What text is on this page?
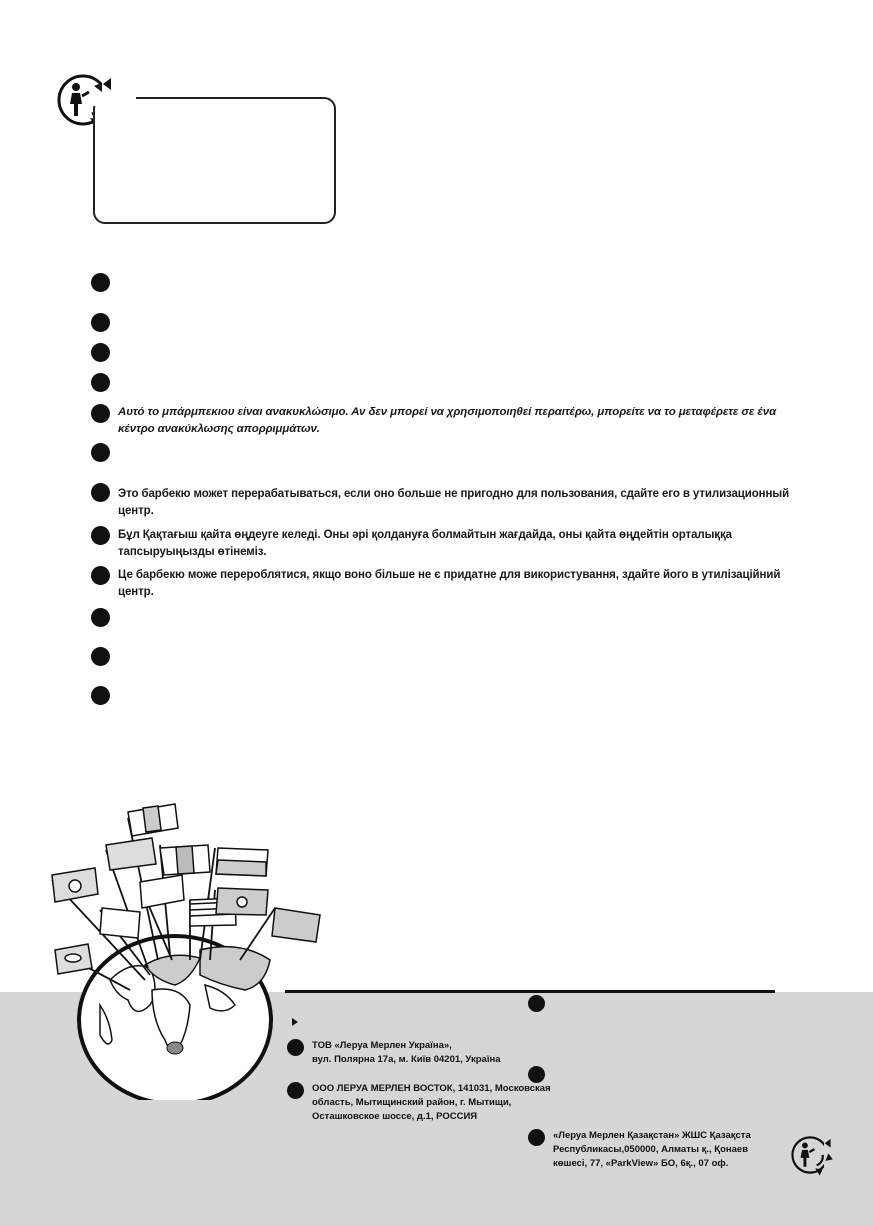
Αυτό το μπάρμπεκιου είναι ανακυκλώσιμο. Αν δεν μπορεί να χρησιμοποιηθεί περαιτέρω, μπορείτε να το μεταφέρετε σε ένα κέντρο ανακύκλωσης απορριμμάτων.
Это барбекю может перерабатываться, если оно больше не пригодно для пользования, сдайте его в утилизационный центр.
Бұл Қақтағыш қайта өңдеуге келеді. Оны әрі қолдануға болмайтын жағдайда, оны қайта өңдейтін орталыққа тапсыруыңызды өтінеміз.
Це барбекю може перероблятися, якщо воно більше не є придатне для використування, здайте його в утилізаційний центр.
ТОВ «Леруа Мерлен Україна»,
вул. Полярна 17а, м. Київ 04201, Україна
ООО ЛЕРУА МЕРЛЕН ВОСТОК, 141031, Московская
область, Мытищинский район, г. Мытищи,
Осташковское шоссе, д.1, РОССИЯ
«Леруа Мерлен Қазақстан» ЖШС Қазақста
Республикасы,050000, Алматы қ., Қонаев
көшесі, 77, «ParkView» БО, 6қ., 07 оф.
